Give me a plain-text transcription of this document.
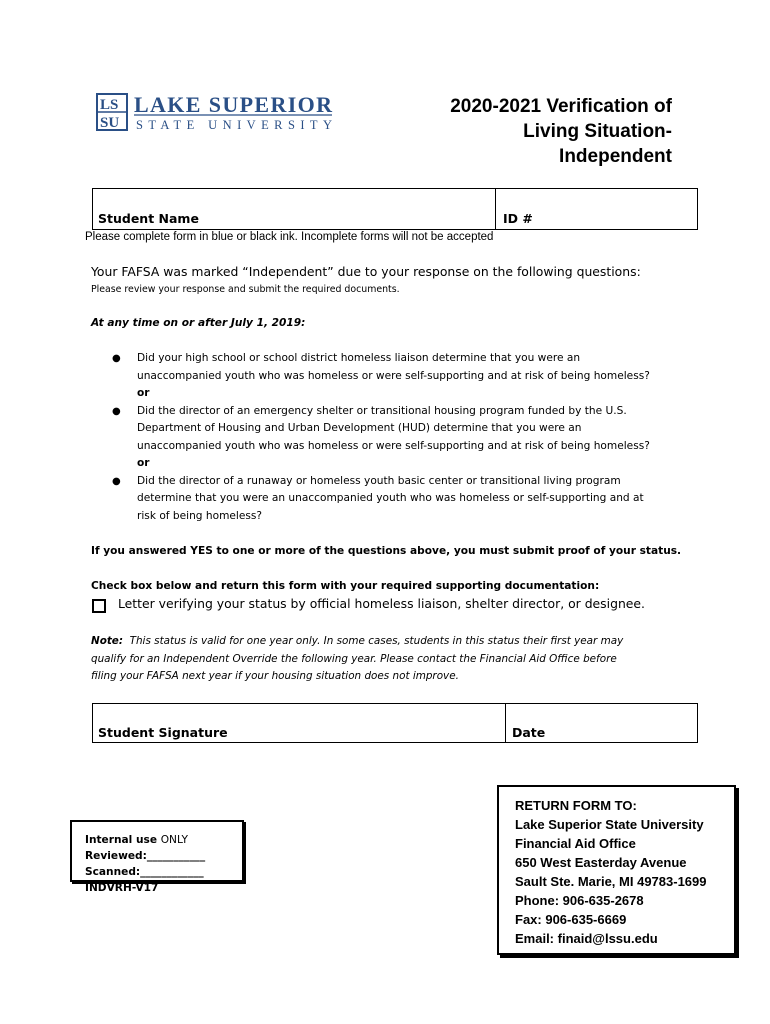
LS
SU
LAKE SUPERIOR
STATE UNIVERSITY
2020-2021 Verification of
Living Situation-
Independent
Student Name	ID #
Please complete form in blue or black ink. Incomplete forms will not be accepted
Your FAFSA was marked “Independent” due to your response on the following questions:
Please review your response and submit the required documents.
At any time on or after July 1, 2019:
● Did your high school or school district homeless liaison determine that you were an
unaccompanied youth who was homeless or were self-supporting and at risk of being homeless?
or
● Did the director of an emergency shelter or transitional housing program funded by the U.S.
Department of Housing and Urban Development (HUD) determine that you were an
unaccompanied youth who was homeless or were self-supporting and at risk of being homeless?
or
● Did the director of a runaway or homeless youth basic center or transitional living program
determine that you were an unaccompanied youth who was homeless or self-supporting and at
risk of being homeless?
If you answered YES to one or more of the questions above, you must submit proof of your status.
Check box below and return this form with your required supporting documentation:
Letter verifying your status by official homeless liaison, shelter director, or designee.
Note: This status is valid for one year only. In some cases, students in this status their first year may
qualify for an Independent Override the following year. Please contact the Financial Aid Office before
filing your FAFSA next year if your housing situation does not improve.
Student Signature	Date
Internal use ONLY
Reviewed:___________
Scanned:____________
INDVRH-V17
RETURN FORM TO:
Lake Superior State University
Financial Aid Office
650 West Easterday Avenue
Sault Ste. Marie, MI 49783-1699
Phone: 906-635-2678
Fax: 906-635-6669
Email: finaid@lssu.edu
